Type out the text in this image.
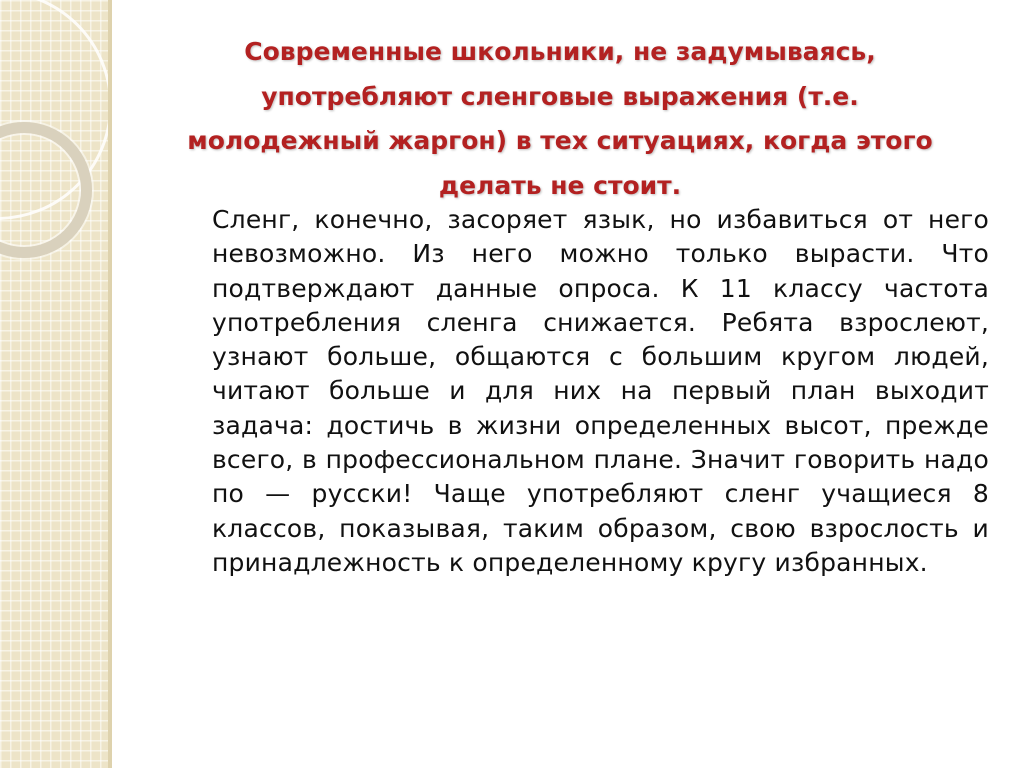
Современные школьники, не задумываясь, употребляют сленговые выражения (т.е. молодежный жаргон) в тех ситуациях, когда этого делать не стоит.

Сленг, конечно, засоряет язык, но избавиться от него невозможно. Из него можно только вырасти. Что подтверждают данные опроса. К 11 классу частота употребления сленга снижается. Ребята взрослеют, узнают больше, общаются с большим кругом людей, читают больше и для них на первый план выходит задача: достичь в жизни определенных высот, прежде всего, в профессиональном плане. Значит говорить надо по — русски! Чаще употребляют сленг учащиеся 8 классов, показывая, таким образом, свою взрослость и принадлежность к определенному кругу избранных.
